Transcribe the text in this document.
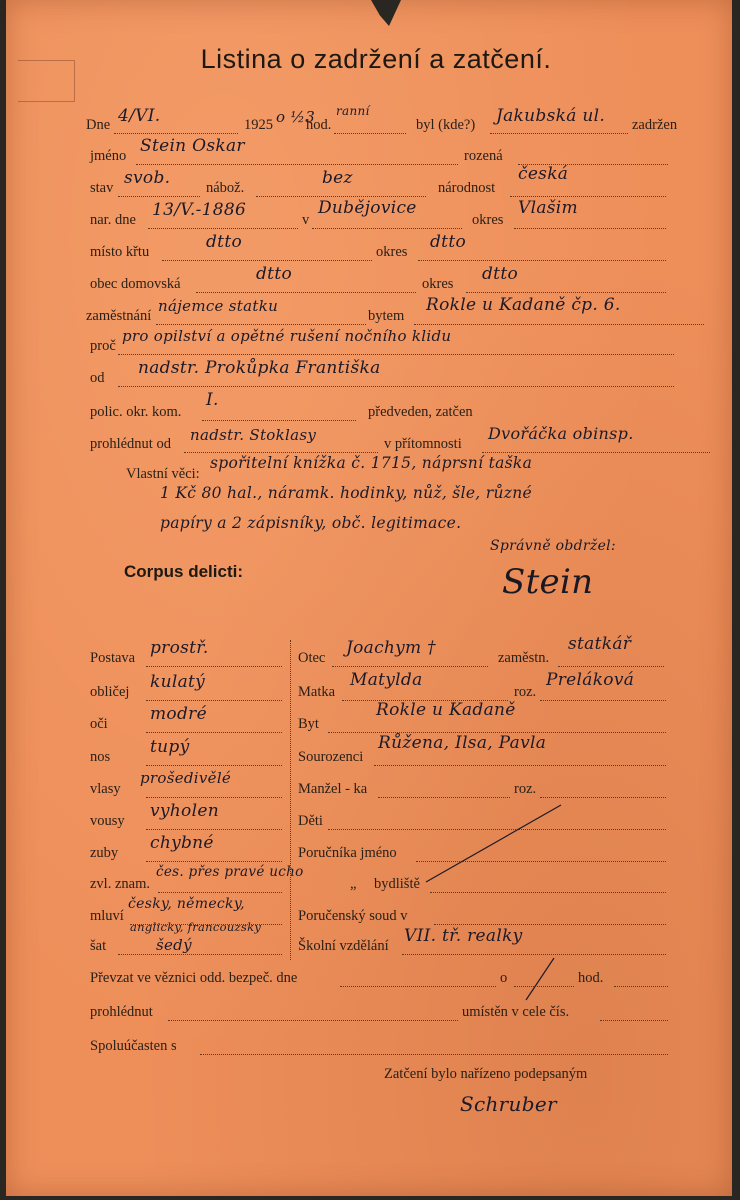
Listina o zadržení a zatčení.
Dne 4/VI.	1925 o ½3
hod.
ranní
byl (kde?) Jakubská ul. zadržen
jméno Stein Oskar	rozená
stav svob. nábož.	bez	národnost
česká
nar. dne 13/V.-1886	v
Dubějovice
okres
Vlašim
místo křtu	dtto	okres dtto
obec domovská	dtto	okres dtto
zaměstnání
nájemce statku
bytem
Rokle u Kadaně čp. 6.
proč
pro opilství a opětné rušení nočního klidu
od nadstr. Prokůpka Františka
polic. okr. kom.
I.
předveden, zatčen
prohlédnut od nadstr. Stoklasy	v přítomnosti
Dvořáčka obinsp.
Vlastní věci:
spořitelní knížka č. 1715, náprsní taška
1 Kč 80 hal., náramk. hodinky, nůž, šle, různé
papíry a 2 zápisníky, obč. legitimace.
Správně obdržel:
Stein
Corpus delicti:
Postava prostř.
obličej kulatý
oči modré
nos tupý
vlasy
prošedivělé
vousy vyholen
zuby chybné
zvl. znam.
čes. přes pravé ucho
mluví
česky, německy,
anglicky, francouzsky
šat	šedý
Otec Joachym †	zaměstn.
statkář
Matka
Matylda
roz.
Preláková
Byt
Rokle u Kadaně
Sourozenci
Růžena, Ilsa, Pavla
Manžel - ka	roz.
Děti
Poručníka jméno
„ bydliště
Poručenský soud v
Školní vzdělání VII. tř. realky
Převzat ve věznici odd. bezpeč. dne	o	hod.
prohlédnut	umístěn v cele čís.
Spoluúčasten s
Zatčení bylo nařízeno podepsaným
Schruber
